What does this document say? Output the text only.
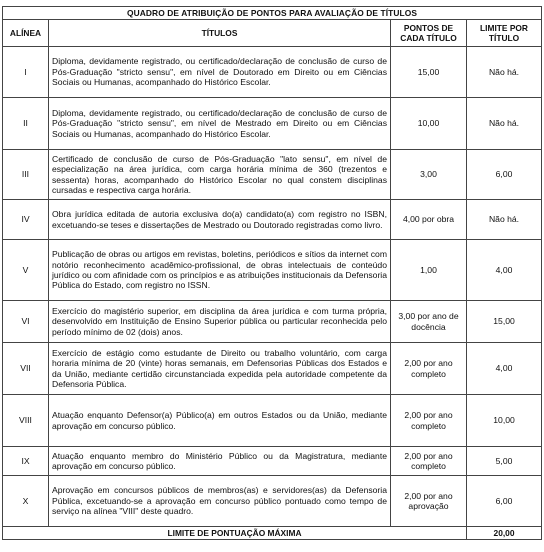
QUADRO DE ATRIBUIÇÃO DE PONTOS PARA AVALIAÇÃO DE TÍTULOS			
ALÍNEA	TÍTULOS	PONTOS DE CADA TÍTULO	LIMITE POR TÍTULO
I	Diploma, devidamente registrado, ou certificado/declaração de conclusão de curso de Pós-Graduação "stricto sensu", em nível de Doutorado em Direito ou em Ciências Sociais ou Humanas, acompanhado do Histórico Escolar.	15,00	Não há.
II	Diploma, devidamente registrado, ou certificado/declaração de conclusão de curso de Pós-Graduação "stricto sensu", em nível de Mestrado em Direito ou em Ciências Sociais ou Humanas, acompanhado do Histórico Escolar.	10,00	Não há.
III	Certificado de conclusão de curso de Pós-Graduação "lato sensu", em nível de especialização na área jurídica, com carga horária mínima de 360 (trezentos e sessenta) horas, acompanhado do Histórico Escolar no qual constem disciplinas cursadas e respectiva carga horária.	3,00	6,00
IV	Obra jurídica editada de autoria exclusiva do(a) candidato(a) com registro no ISBN, excetuando-se teses e dissertações de Mestrado ou Doutorado registradas como livro.	4,00 por obra	Não há.
V	Publicação de obras ou artigos em revistas, boletins, periódicos e sítios da internet com notório reconhecimento acadêmico-profissional, de obras intelectuais de conteúdo jurídico ou com afinidade com os princípios e as atribuições institucionais da Defensoria Pública do Estado, com registro no ISSN.	1,00	4,00
VI	Exercício do magistério superior, em disciplina da área jurídica e com turma própria, desenvolvido em Instituição de Ensino Superior pública ou particular reconhecida pelo período mínimo de 02 (dois) anos.	3,00 por ano de docência	15,00
VII	Exercício de estágio como estudante de Direito ou trabalho voluntário, com carga horaria mínima de 20 (vinte) horas semanais, em Defensorias Públicas dos Estados e da União, mediante certidão circunstanciada expedida pela autoridade competente da Defensoria Pública.	2,00 por ano completo	4,00
VIII	Atuação enquanto Defensor(a) Público(a) em outros Estados ou da União, mediante aprovação em concurso público.	2,00 por ano completo	10,00
IX	Atuação enquanto membro do Ministério Público ou da Magistratura, mediante aprovação em concurso público.	2,00 por ano completo	5,00
X	Aprovação em concursos públicos de membros(as) e servidores(as) da Defensoria Pública, excetuando-se a aprovação em concurso público pontuado como tempo de serviço na alínea "VIII" deste quadro.	2,00 por ano aprovação	6,00
LIMITE DE PONTUAÇÃO MÁXIMA			20,00
